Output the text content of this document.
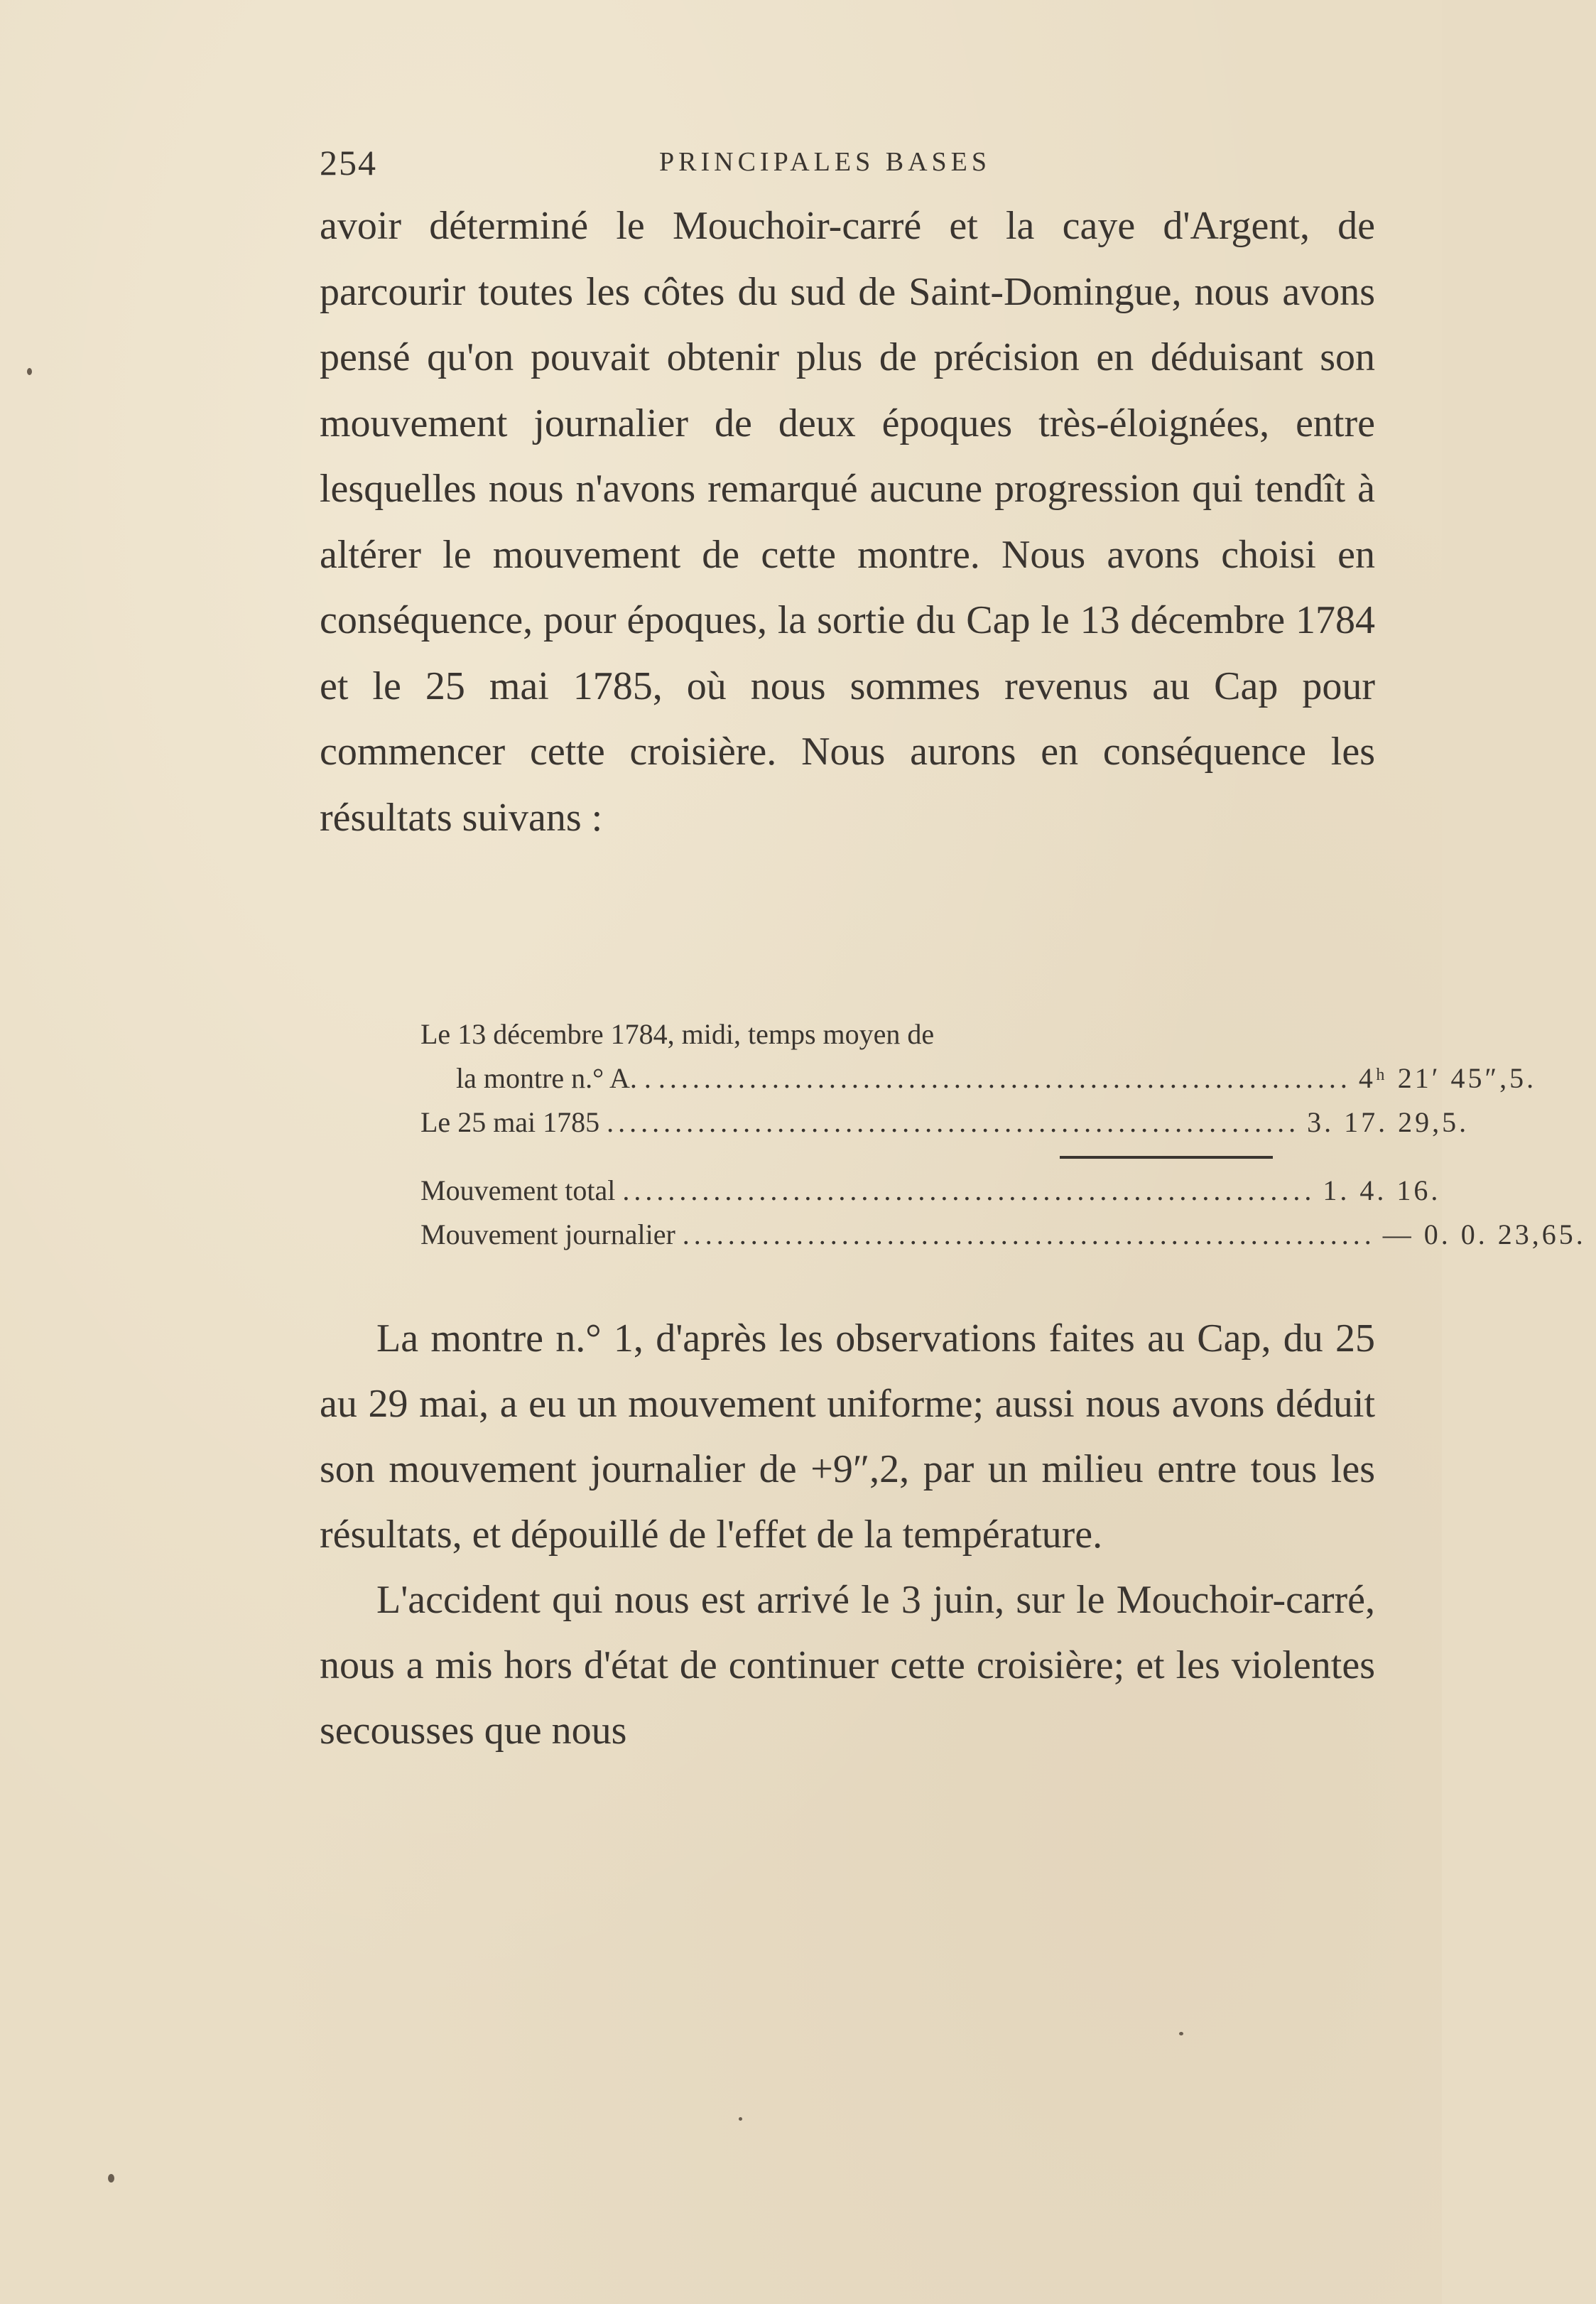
254	PRINCIPALES BASES

avoir déterminé le Mouchoir-carré et la caye d'Argent, de parcourir toutes les côtes du sud de Saint-Domingue, nous avons pensé qu'on pouvait obtenir plus de précision en déduisant son mouvement journalier de deux époques très-éloignées, entre lesquelles nous n'avons remarqué aucune progression qui tendît à altérer le mouvement de cette montre. Nous avons choisi en conséquence, pour époques, la sortie du Cap le 13 décembre 1784 et le 25 mai 1785, où nous sommes revenus au Cap pour commencer cette croisière. Nous aurons en conséquence les résultats suivans :

Le 13 décembre 1784, midi, temps moyen de
la montre n.° A. . ............................................................. 4ʰ 21′ 45″,5.
Le 25 mai 1785 ............................................................. 3. 17. 29,5.
Mouvement total ............................................................. 1. 4. 16.
Mouvement journalier ............................................................. — 0. 0. 23,65.

La montre n.° 1, d'après les observations faites au Cap, du 25 au 29 mai, a eu un mouvement uniforme; aussi nous avons déduit son mouvement journalier de +9″,2, par un milieu entre tous les résultats, et dépouillé de l'effet de la température.

L'accident qui nous est arrivé le 3 juin, sur le Mouchoir-carré, nous a mis hors d'état de continuer cette croisière; et les violentes secousses que nous
